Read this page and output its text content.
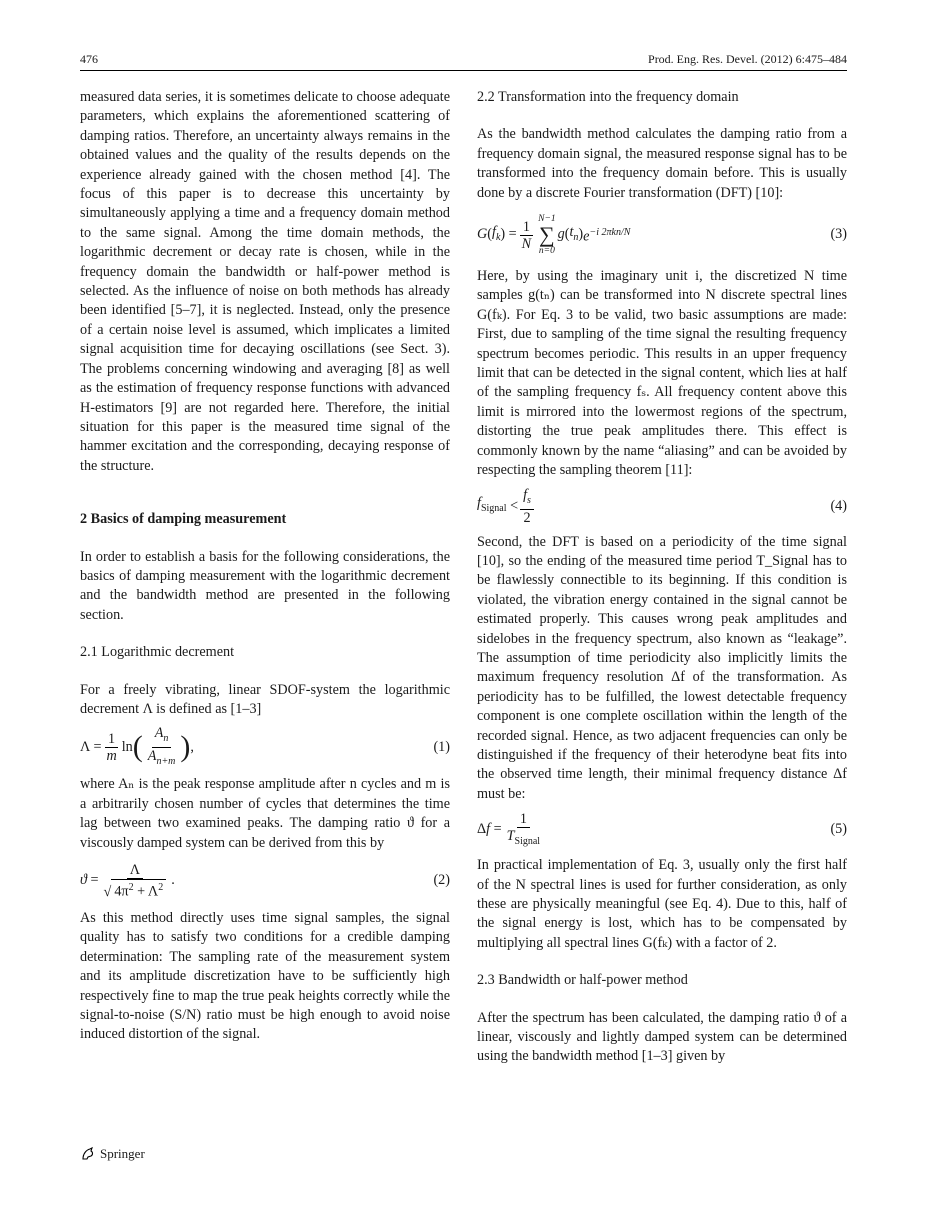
476	Prod. Eng. Res. Devel. (2012) 6:475–484

measured data series, it is sometimes delicate to choose adequate parameters, which explains the aforementioned scattering of damping ratios. Therefore, an uncertainty always remains in the obtained values and the quality of the results depends on the experience already gained with the chosen method [4]. The focus of this paper is to decrease this uncertainty by simultaneously applying a time and a frequency domain method to the same signal. Among the time domain methods, the logarithmic decrement or decay rate is chosen, while in the frequency domain the bandwidth or half-power method is selected. As the influence of noise on both methods has already been identified [5–7], it is neglected. Instead, only the presence of a certain noise level is assumed, which implicates a limited signal acquisition time for decaying oscillations (see Sect. 3). The problems concerning windowing and averaging [8] as well as the estimation of frequency response functions with advanced H-estimators [9] are not regarded here. Therefore, the initial situation for this paper is the measured time signal of the hammer excitation and the corresponding, decaying response of the structure.

2 Basics of damping measurement

In order to establish a basis for the following considerations, the basics of damping measurement with the logarithmic decrement and the bandwidth method are presented in the following section.

2.1 Logarithmic decrement

For a freely vibrating, linear SDOF-system the logarithmic decrement Λ is defined as [1–3]

$\Lambda = \frac{1}{m}$ ln ( $\frac{A_n}{A_{n+m}}$ ) ,	(1)

where Aₙ is the peak response amplitude after n cycles and m is a arbitrarily chosen number of cycles that determines the time lag between two examined peaks. The damping ratio ϑ for a viscously damped system can be derived from this by

$ϑ = \frac{\Lambda}{√ 4\pi^2 + \Lambda^2}$ .	(2)

As this method directly uses time signal samples, the signal quality has to satisfy two conditions for a credible damping determination: The sampling rate of the measurement system and its amplitude discretization have to be sufficiently high respectively fine to map the true peak heights correctly while the signal-to-noise (S/N) ratio must be high enough to avoid noise induced distortion of the signal.

2.2 Transformation into the frequency domain

As the bandwidth method calculates the damping ratio from a frequency domain signal, the measured response signal has to be transformed into the frequency domain before. This is usually done by a discrete Fourier transformation (DFT) [10]:

G ( $f_k$ ) = $\frac{1}{N} N-1$
∑
n=0
g ( $t_n$ ) $e^{-i 2\pi kn/N}$	(3)

Here, by using the imaginary unit i, the discretized N time samples g(tₙ) can be transformed into N discrete spectral lines G(fₖ). For Eq. 3 to be valid, two basic assumptions are made: First, due to sampling of the time signal the resulting frequency spectrum becomes periodic. This results in an upper frequency limit that can be detected in the signal content, which lies at half of the sampling frequency fₛ. All frequency content above this limit is mirrored into the lowermost regions of the spectrum, distorting the true peak amplitudes there. This effect is commonly known by the name “aliasing” and can be avoided by respecting the sampling theorem [11]:

$f_{Signal} < \frac{f_s}{2}$	(4)

Second, the DFT is based on a periodicity of the time signal [10], so the ending of the measured time period T_Signal has to be flawlessly connectible to its beginning. If this condition is violated, the vibration energy contained in the signal cannot be estimated properly. This causes wrong peak amplitudes and sidelobes in the frequency spectrum, also known as “leakage”. The assumption of time periodicity also implicitly limits the maximum frequency resolution Δf of the transformation. As periodicity has to be fulfilled, the lowest detectable frequency component is one complete oscillation within the length of the recorded signal. Hence, as two adjacent frequencies can only be distinguished if the frequency of their heterodyne beat fits into the observed time length, their minimal frequency distance Δf must be:

Δ $f = \frac{1}{T_{Signal}}$	(5)

In practical implementation of Eq. 3, usually only the first half of the N spectral lines is used for further consideration, as only these are physically meaningful (see Eq. 4). Due to this, half of the signal energy is lost, which has to be compensated by multiplying all spectral lines G(fₖ) with a factor of 2.

2.3 Bandwidth or half-power method

After the spectrum has been calculated, the damping ratio ϑ of a linear, viscously and lightly damped system can be determined using the bandwidth method [1–3] given by

Springer
